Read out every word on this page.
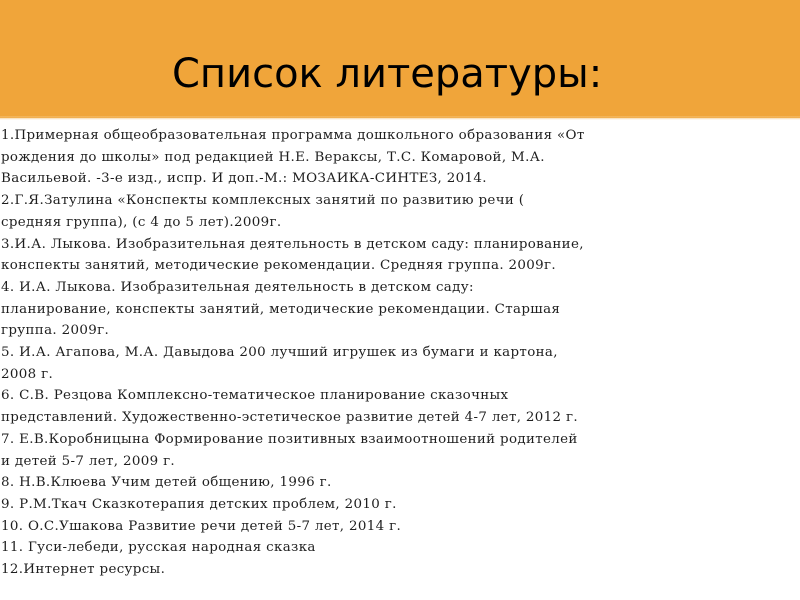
Список литературы:
1.Примерная общеобразовательная программа дошкольного образования «От
рождения до школы» под редакцией Н.Е. Веракcы, Т.С. Комаровой, М.А.
Васильевой. -3-е изд., испр. И доп.-М.: МОЗАИКА-СИНТЕЗ, 2014.
2.Г.Я.Затулина «Конспекты комплексных занятий по развитию речи (
средняя группа), (с 4 до 5 лет).2009г.
3.И.А. Лыкова. Изобразительная деятельность в детском саду: планирование,
конспекты занятий, методические рекомендации. Средняя группа. 2009г.
4. И.А. Лыкова. Изобразительная деятельность в детском саду:
планирование, конспекты занятий, методические рекомендации. Старшая
группа. 2009г.
5. И.А. Агапова, М.А. Давыдова 200 лучший игрушек из бумаги и картона,
2008 г.
6. С.В. Резцова Комплексно-тематическое планирование сказочных
представлений. Художественно-эстетическое развитие детей 4-7 лет, 2012 г.
7. Е.В.Коробницына Формирование позитивных взаимоотношений родителей
и детей 5-7 лет, 2009 г.
8. Н.В.Клюева Учим детей общению, 1996 г.
9. Р.М.Ткач Сказкотерапия детских проблем, 2010 г.
10. О.С.Ушакова Развитие речи детей 5-7 лет, 2014 г.
11. Гуси-лебеди, русская народная сказка
12.Интернет ресурсы.
